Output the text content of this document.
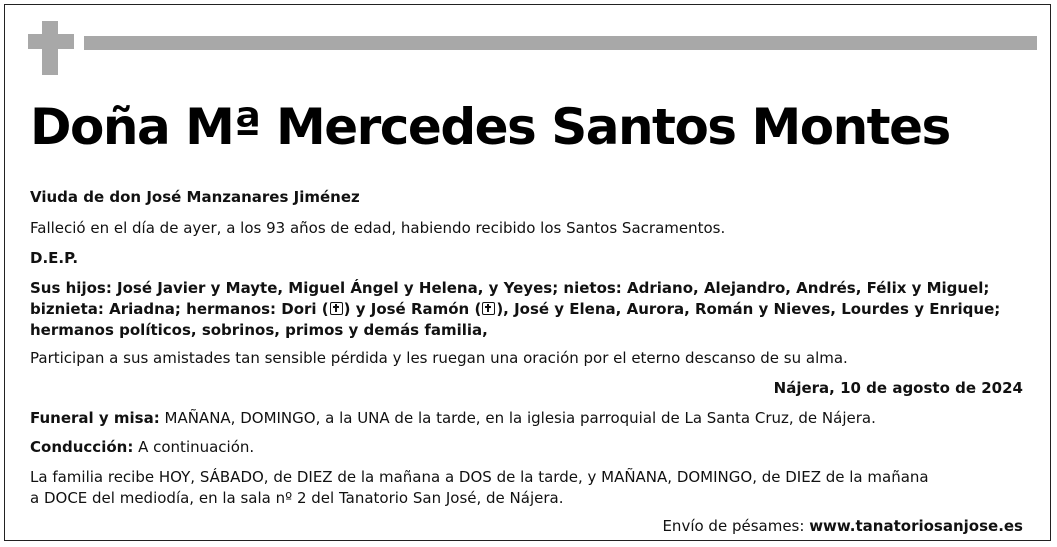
Doña Mª Mercedes Santos Montes
Viuda de don José Manzanares Jiménez
Falleció en el día de ayer, a los 93 años de edad, habiendo recibido los Santos Sacramentos.
D.E.P.
Sus hijos: José Javier y Mayte, Miguel Ángel y Helena, y Yeyes; nietos: Adriano, Alejandro, Andrés, Félix y Miguel;
biznieta: Ariadna; hermanos: Dori ( ) y José Ramón ( ), José y Elena, Aurora, Román y Nieves, Lourdes y Enrique;
hermanos políticos, sobrinos, primos y demás familia,
Participan a sus amistades tan sensible pérdida y les ruegan una oración por el eterno descanso de su alma.
Nájera, 10 de agosto de 2024
Funeral y misa: MAÑANA, DOMINGO, a la UNA de la tarde, en la iglesia parroquial de La Santa Cruz, de Nájera.
Conducción: A continuación.
La familia recibe HOY, SÁBADO, de DIEZ de la mañana a DOS de la tarde, y MAÑANA, DOMINGO, de DIEZ de la mañana
a DOCE del mediodía, en la sala nº 2 del Tanatorio San José, de Nájera.
Envío de pésames: www.tanatoriosanjose.es
